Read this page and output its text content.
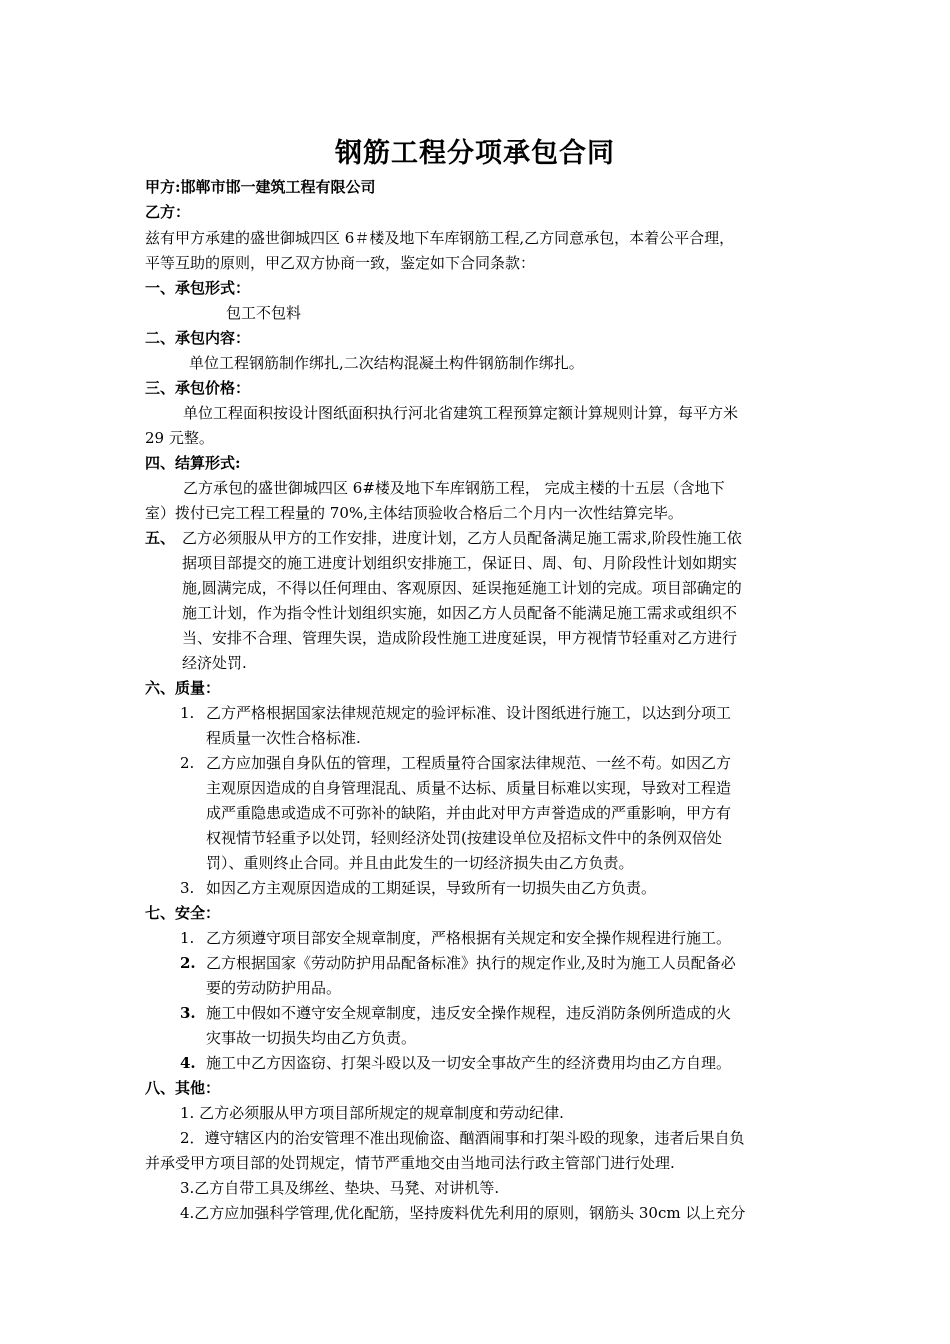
钢筋工程分项承包合同
甲方:邯郸市邯一建筑工程有限公司
乙方：
兹有甲方承建的盛世御城四区 6＃楼及地下车库钢筋工程,乙方同意承包，本着公平合理，
平等互助的原则，甲乙双方协商一致，鉴定如下合同条款：
一、承包形式：
包工不包料
二、承包内容：
单位工程钢筋制作绑扎,二次结构混凝土构件钢筋制作绑扎。
三、承包价格：
单位工程面积按设计图纸面积执行河北省建筑工程预算定额计算规则计算，每平方米
29 元整。
四、结算形式:
乙方承包的盛世御城四区 6#楼及地下车库钢筋工程， 完成主楼的十五层（含地下
室）拨付已完工程工程量的 70%,主体结顶验收合格后二个月内一次性结算完毕。
五、 乙方必须服从甲方的工作安排，进度计划，乙方人员配备满足施工需求,阶段性施工依
据项目部提交的施工进度计划组织安排施工，保证日、周、旬、月阶段性计划如期实
施,圆满完成，不得以任何理由、客观原因、延误拖延施工计划的完成。项目部确定的
施工计划，作为指令性计划组织实施，如因乙方人员配备不能满足施工需求或组织不
当、安排不合理、管理失误，造成阶段性施工进度延误，甲方视情节轻重对乙方进行
经济处罚.
六、质量：
1. 乙方严格根据国家法律规范规定的验评标准、设计图纸进行施工，以达到分项工
程质量一次性合格标准.
2. 乙方应加强自身队伍的管理，工程质量符合国家法律规范、一丝不苟。如因乙方
主观原因造成的自身管理混乱、质量不达标、质量目标难以实现，导致对工程造
成严重隐患或造成不可弥补的缺陷，并由此对甲方声誉造成的严重影响，甲方有
权视情节轻重予以处罚，轻则经济处罚(按建设单位及招标文件中的条例双倍处
罚）、重则终止合同。并且由此发生的一切经济损失由乙方负责。
3. 如因乙方主观原因造成的工期延误，导致所有一切损失由乙方负责。
七、安全：
1. 乙方须遵守项目部安全规章制度，严格根据有关规定和安全操作规程进行施工。
2. 乙方根据国家《劳动防护用品配备标准》执行的规定作业,及时为施工人员配备必
要的劳动防护用品。
3. 施工中假如不遵守安全规章制度，违反安全操作规程，违反消防条例所造成的火
灾事故一切损失均由乙方负责。
4. 施工中乙方因盗窃、打架斗殴以及一切安全事故产生的经济费用均由乙方自理。
八、其他：
1. 乙方必须服从甲方项目部所规定的规章制度和劳动纪律.
2．遵守辖区内的治安管理不准出现偷盗、酗酒闹事和打架斗殴的现象，违者后果自负
并承受甲方项目部的处罚规定，情节严重地交由当地司法行政主管部门进行处理.
3.乙方自带工具及绑丝、垫块、马凳、对讲机等.
4.乙方应加强科学管理,优化配筋，坚持废料优先利用的原则，钢筋头 30cm 以上充分
